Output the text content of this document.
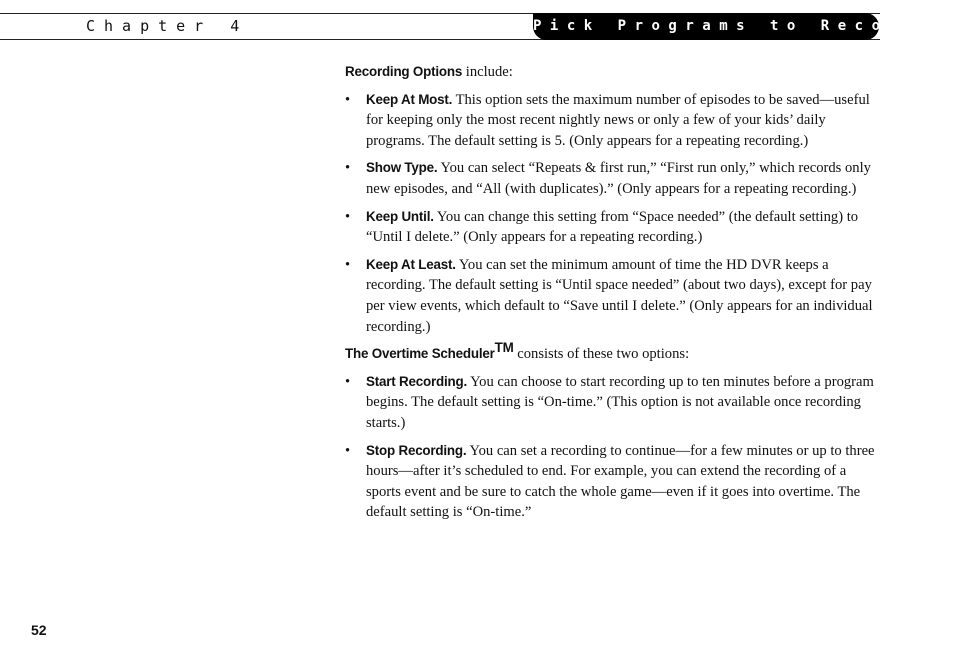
Chapter 4	Pick Programs to Record

Recording Options include:

• Keep At Most. This option sets the maximum number of episodes to be saved—useful for keeping only the most recent nightly news or only a few of your kids’ daily programs. The default setting is 5. (Only appears for a repeating recording.)
• Show Type. You can select “Repeats & first run,” “First run only,” which records only new episodes, and “All (with duplicates).” (Only appears for a repeating recording.)
• Keep Until. You can change this setting from “Space needed” (the default setting) to “Until I delete.” (Only appears for a repeating recording.)
• Keep At Least. You can set the minimum amount of time the HD DVR keeps a recording. The default setting is “Until space needed” (about two days), except for pay per view events, which default to “Save until I delete.” (Only appears for an individual recording.)

The Overtime Scheduler™ consists of these two options:

• Start Recording. You can choose to start recording up to ten minutes before a program begins. The default setting is “On-time.” (This option is not available once recording starts.)
• Stop Recording. You can set a recording to continue—for a few minutes or up to three hours—after it’s scheduled to end. For example, you can extend the recording of a sports event and be sure to catch the whole game—even if it goes into overtime. The default setting is “On-time.”
52
